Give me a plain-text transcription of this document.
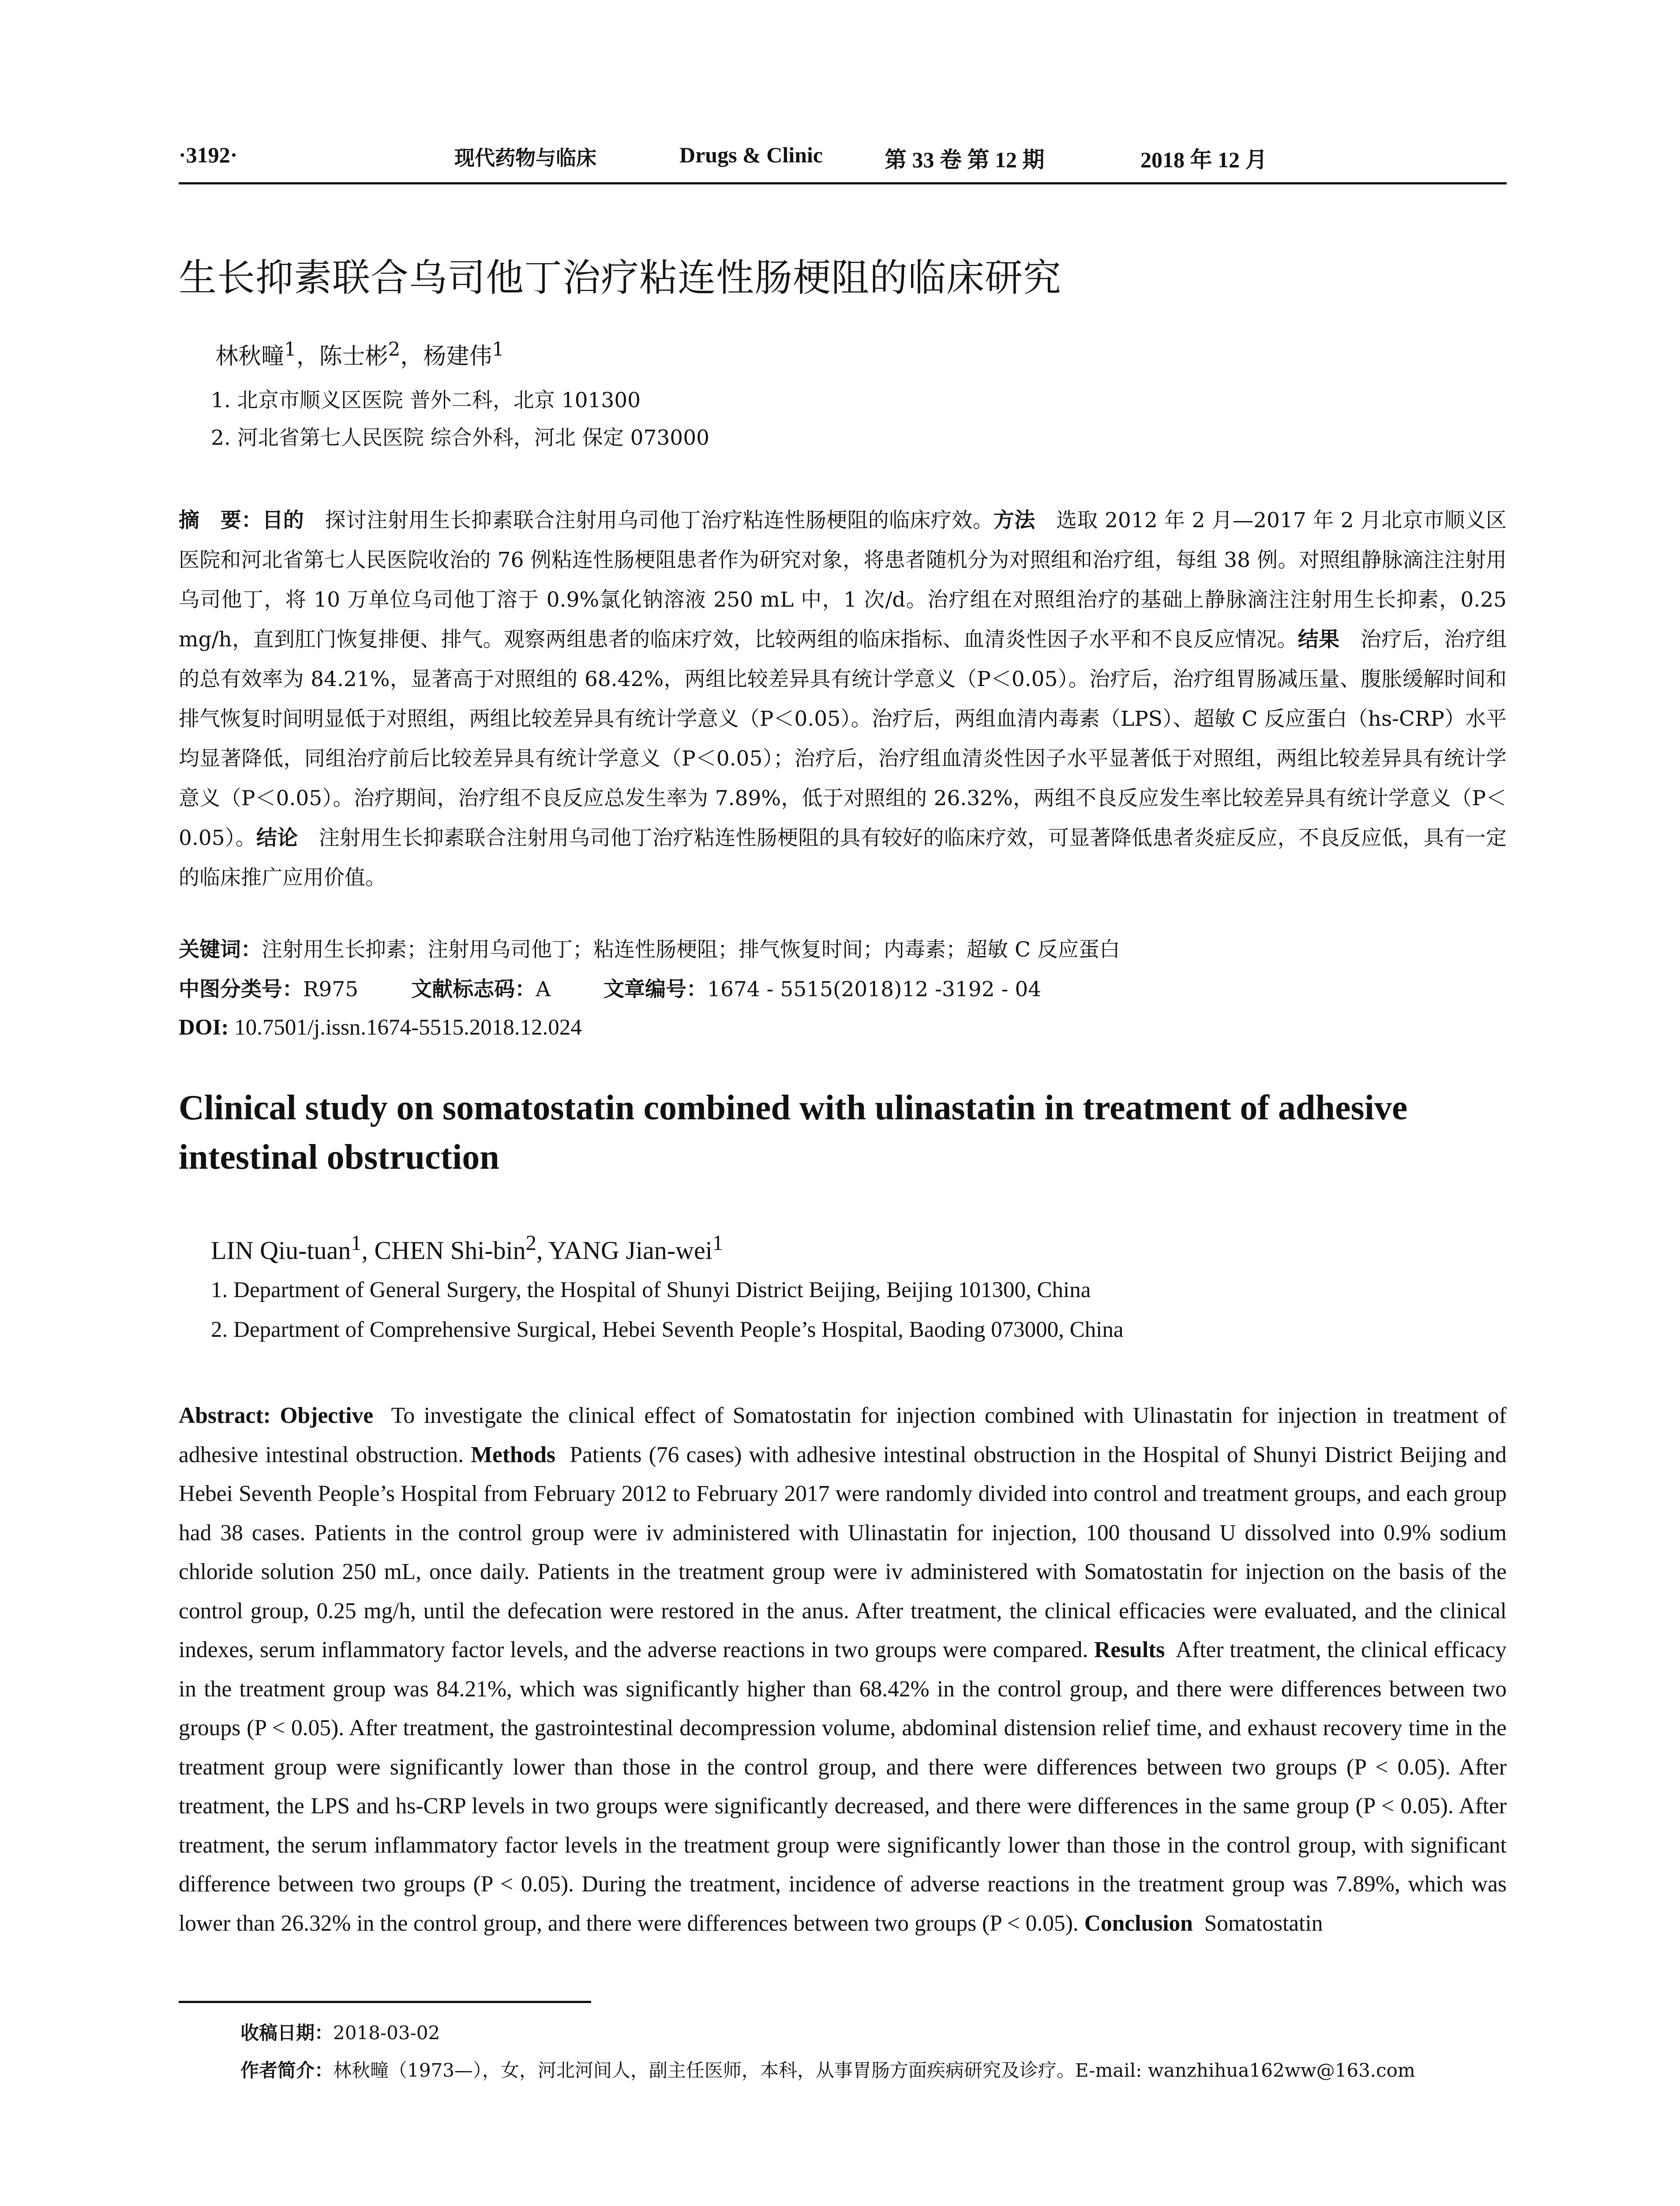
·3192·	现代药物与临床	Drugs & Clinic	第 33 卷 第 12 期	2018 年 12 月
生长抑素联合乌司他丁治疗粘连性肠梗阻的临床研究
林秋疃$^1$，陈士彬$^2$，杨建伟$^1$
1. 北京市顺义区医院 普外二科，北京 101300
2. 河北省第七人民医院 综合外科，河北 保定 073000
摘　要：目的　 探讨注射用生长抑素联合注射用乌司他丁治疗粘连性肠梗阻的临床疗效。方法　 选取 2012 年 2 月—2017 年 2 月北京市顺义区医院和河北省第七人民医院收治的 76 例粘连性肠梗阻患者作为研究对象，将患者随机分为对照组和治疗组，每组 38 例。对照组静脉滴注注射用乌司他丁，将 10 万单位乌司他丁溶于 0.9%氯化钠溶液 250 mL 中，1 次/d。治疗组在对照组治疗的基础上静脉滴注注射用生长抑素，0.25 mg/h，直到肛门恢复排便、排气。观察两组患者的临床疗效，比较两组的临床指标、血清炎性因子水平和不良反应情况。结果　 治疗后，治疗组的总有效率为 84.21%，显著高于对照组的 68.42%，两组比较差异具有统计学意义（P＜0.05）。治疗后，治疗组胃肠减压量、腹胀缓解时间和排气恢复时间明显低于对照组，两组比较差异具有统计学意义（P＜0.05）。治疗后，两组血清内毒素（LPS）、超敏 C 反应蛋白（hs-CRP）水平均显著降低，同组治疗前后比较差异具有统计学意义（P＜0.05）；治疗后，治疗组血清炎性因子水平显著低于对照组，两组比较差异具有统计学意义（P＜0.05）。治疗期间，治疗组不良反应总发生率为 7.89%，低于对照组的 26.32%，两组不良反应发生率比较差异具有统计学意义（P＜0.05）。结论　 注射用生长抑素联合注射用乌司他丁治疗粘连性肠梗阻的具有较好的临床疗效，可显著降低患者炎症反应，不良反应低，具有一定的临床推广应用价值。
关键词：注射用生长抑素；注射用乌司他丁；粘连性肠梗阻；排气恢复时间；内毒素；超敏 C 反应蛋白
中图分类号：R975	文献标志码：A	文章编号：1674 - 5515(2018)12 -3192 - 04
DOI: 10.7501/j.issn.1674-5515.2018.12.024
Clinical study on somatostatin combined with ulinastatin in treatment of adhesive intestinal obstruction
LIN Qiu-tuan$^1$, CHEN Shi-bin$^2$, YANG Jian-wei$^1$
1. Department of General Surgery, the Hospital of Shunyi District Beijing, Beijing 101300, China
2. Department of Comprehensive Surgical, Hebei Seventh People’s Hospital, Baoding 073000, China
Abstract: Objective To investigate the clinical effect of Somatostatin for injection combined with Ulinastatin for injection in treatment of adhesive intestinal obstruction. Methods Patients (76 cases) with adhesive intestinal obstruction in the Hospital of Shunyi District Beijing and Hebei Seventh People’s Hospital from February 2012 to February 2017 were randomly divided into control and treatment groups, and each group had 38 cases. Patients in the control group were iv administered with Ulinastatin for injection, 100 thousand U dissolved into 0.9% sodium chloride solution 250 mL, once daily. Patients in the treatment group were iv administered with Somatostatin for injection on the basis of the control group, 0.25 mg/h, until the defecation were restored in the anus. After treatment, the clinical efficacies were evaluated, and the clinical indexes, serum inflammatory factor levels, and the adverse reactions in two groups were compared. Results After treatment, the clinical efficacy in the treatment group was 84.21%, which was significantly higher than 68.42% in the control group, and there were differences between two groups (P < 0.05). After treatment, the gastrointestinal decompression volume, abdominal distension relief time, and exhaust recovery time in the treatment group were significantly lower than those in the control group, and there were differences between two groups (P < 0.05). After treatment, the LPS and hs-CRP levels in two groups were significantly decreased, and there were differences in the same group (P < 0.05). After treatment, the serum inflammatory factor levels in the treatment group were significantly lower than those in the control group, with significant difference between two groups (P < 0.05). During the treatment, incidence of adverse reactions in the treatment group was 7.89%, which was lower than 26.32% in the control group, and there were differences between two groups (P < 0.05). Conclusion Somatostatin
收稿日期：2018-03-02
作者简介：林秋疃（1973—），女，河北河间人，副主任医师，本科，从事胃肠方面疾病研究及诊疗。E-mail: wanzhihua162ww@163.com
